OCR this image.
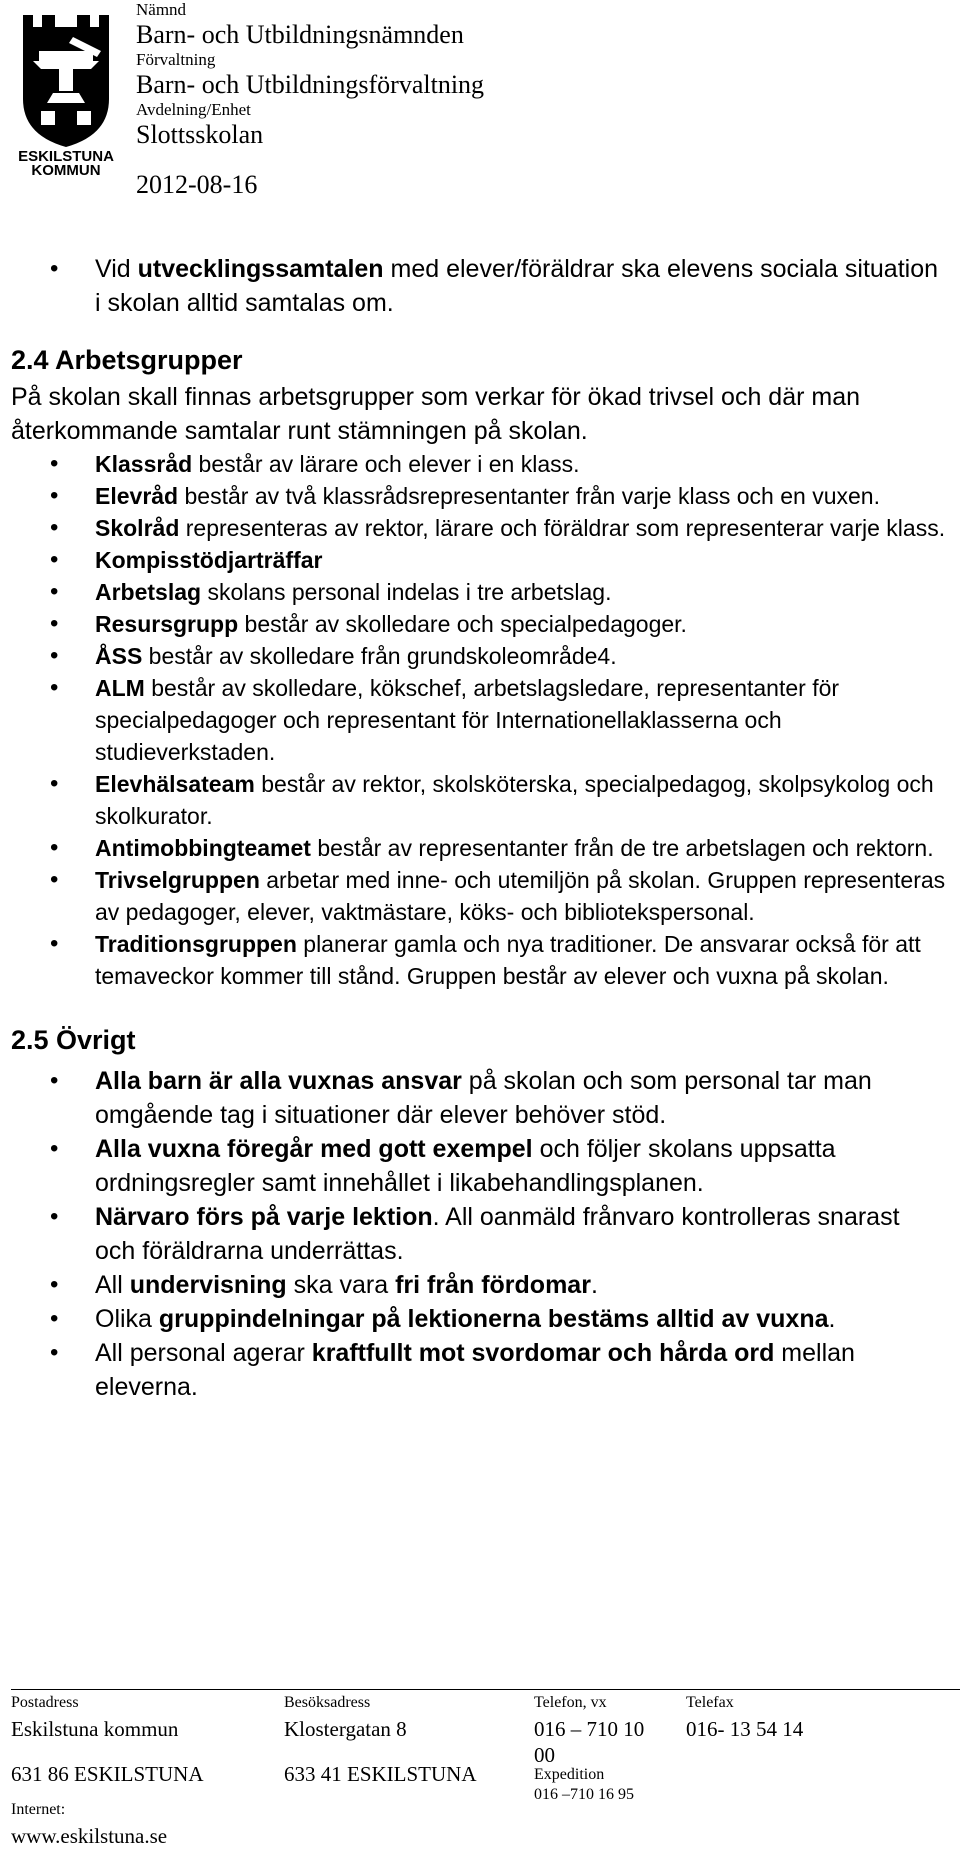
ESKILSTUNA
KOMMUN
Nämnd
Barn- och Utbildningsnämnden
Förvaltning
Barn- och Utbildningsförvaltning
Avdelning/Enhet
Slottsskolan
2012-08-16
• Vid utvecklingssamtalen med elever/föräldrar ska elevens sociala situation i skolan alltid samtalas om.
2.4 Arbetsgrupper

På skolan skall finnas arbetsgrupper som verkar för ökad trivsel och där man återkommande samtalar runt stämningen på skolan.

• Klassråd består av lärare och elever i en klass.
• Elevråd består av två klassrådsrepresentanter från varje klass och en vuxen.
• Skolråd representeras av rektor, lärare och föräldrar som representerar varje klass.
• Kompisstödjarträffar
• Arbetslag skolans personal indelas i tre arbetslag.
• Resursgrupp består av skolledare och specialpedagoger.
• ÅSS består av skolledare från grundskoleområde4.
• ALM består av skolledare, kökschef, arbetslagsledare, representanter för specialpedagoger och representant för Internationellaklasserna och studieverkstaden.
• Elevhälsateam består av rektor, skolsköterska, specialpedagog, skolpsykolog och skolkurator.
• Antimobbingteamet består av representanter från de tre arbetslagen och rektorn.
• Trivselgruppen arbetar med inne- och utemiljön på skolan. Gruppen representeras av pedagoger, elever, vaktmästare, köks- och bibliotekspersonal.
• Traditionsgruppen planerar gamla och nya traditioner. De ansvarar också för att temaveckor kommer till stånd. Gruppen består av elever och vuxna på skolan.
2.5 Övrigt
• Alla barn är alla vuxnas ansvar på skolan och som personal tar man omgående tag i situationer där elever behöver stöd.
• Alla vuxna föregår med gott exempel och följer skolans uppsatta ordningsregler samt innehållet i likabehandlingsplanen.
• Närvaro förs på varje lektion. All oanmäld frånvaro kontrolleras snarast och föräldrarna underrättas.
• All undervisning ska vara fri från fördomar.
• Olika gruppindelningar på lektionerna bestäms alltid av vuxna.
• All personal agerar kraftfullt mot svordomar och hårda ord mellan eleverna.
Postadress
Eskilstuna kommun
631 86 ESKILSTUNA
Internet:
www.eskilstuna.se
Besöksadress
Klostergatan 8
633 41 ESKILSTUNA
Telefon, vx
016 – 710 10
00
Expedition
016 –710 16 95
Telefax
016- 13 54 14
